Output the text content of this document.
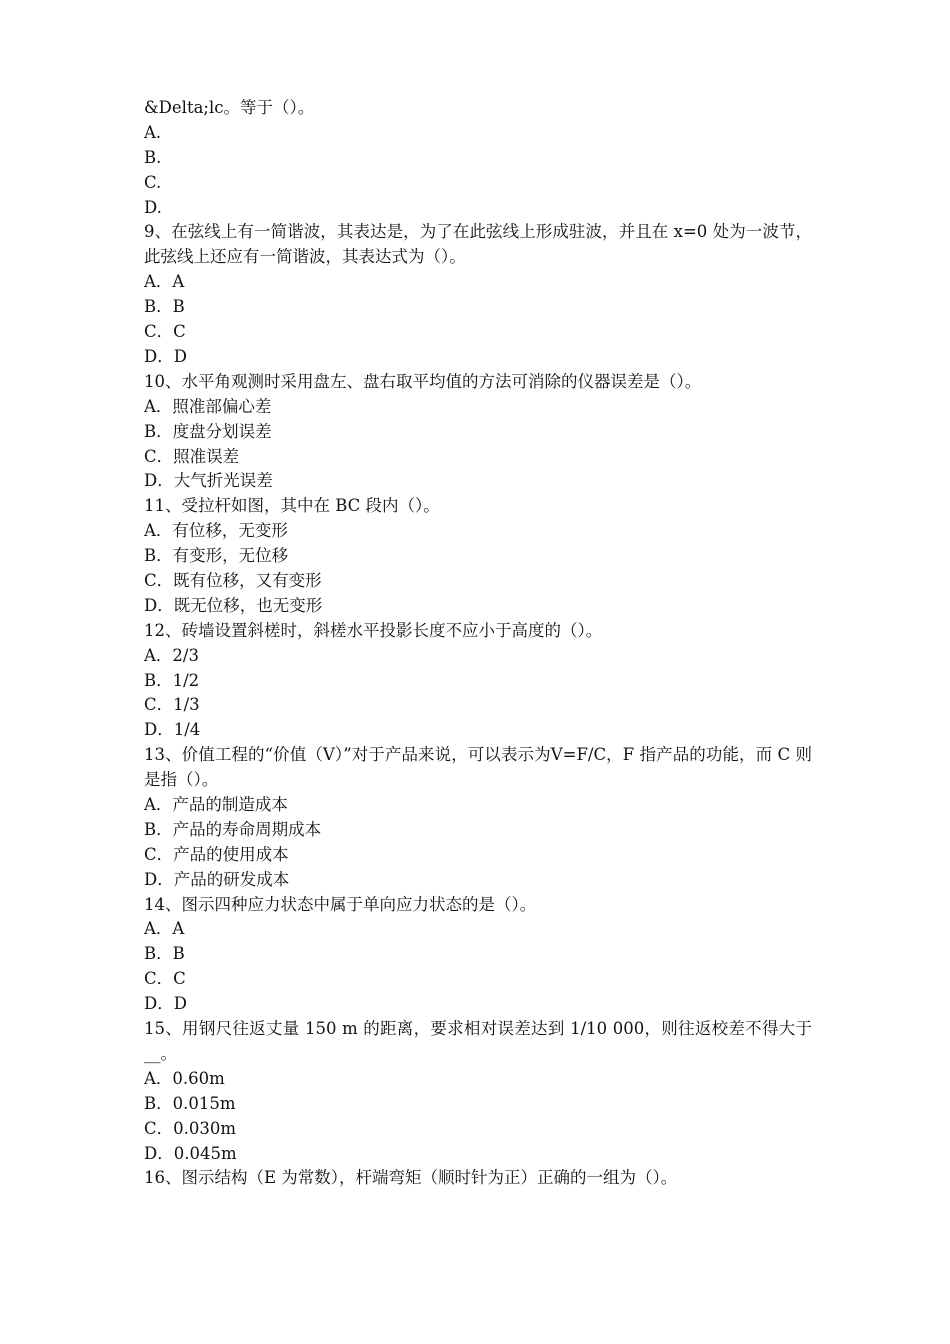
&Delta;lc。等于（）。
A.
B.
C.
D.
9、在弦线上有一简谐波，其表达是，为了在此弦线上形成驻波，并且在 x=0 处为一波节，此弦线上还应有一简谐波，其表达式为（）。
A．A
B．B
C．C
D．D
10、水平角观测时采用盘左、盘右取平均值的方法可消除的仪器误差是（）。
A．照准部偏心差
B．度盘分划误差
C．照准误差
D．大气折光误差
11、受拉杆如图，其中在 BC 段内（）。
A．有位移，无变形
B．有变形，无位移
C．既有位移，又有变形
D．既无位移，也无变形
12、砖墙设置斜槎时，斜槎水平投影长度不应小于高度的（）。
A．2/3
B．1/2
C．1/3
D．1/4
13、价值工程的“价值（V）”对于产品来说，可以表示为V=F/C，F 指产品的功能，而 C 则是指（）。
A．产品的制造成本
B．产品的寿命周期成本
C．产品的使用成本
D．产品的研发成本
14、图示四种应力状态中属于单向应力状态的是（）。
A．A
B．B
C．C
D．D
15、用钢尺往返丈量 150 m 的距离，要求相对误差达到 1/10 000，则往返校差不得大于__。
A．0.60m
B．0.015m
C．0.030m
D．0.045m
16、图示结构（E 为常数），杆端弯矩（顺时针为正）正确的一组为（）。
